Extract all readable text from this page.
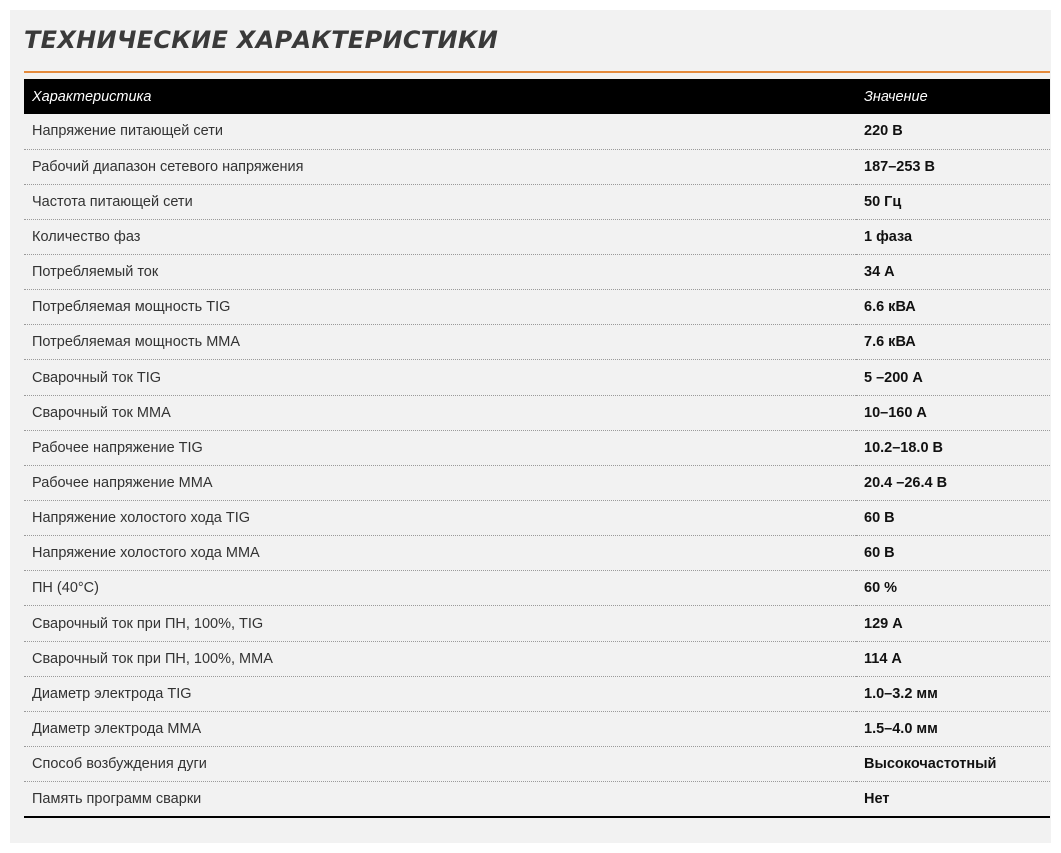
ТЕХНИЧЕСКИЕ ХАРАКТЕРИСТИКИ
Характеристика	Значение
Напряжение питающей сети	220 В
Рабочий диапазон сетевого напряжения	187–253 В
Частота питающей сети	50 Гц
Количество фаз	1 фаза
Потребляемый ток	34 А
Потребляемая мощность TIG	6.6 кВА
Потребляемая мощность MMA	7.6 кВА
Сварочный ток TIG	5 –200 А
Сварочный ток MMA	10–160 А
Рабочее напряжение TIG	10.2–18.0 В
Рабочее напряжение MMA	20.4 –26.4 В
Напряжение холостого хода TIG	60 В
Напряжение холостого хода MMA	60 В
ПН (40°C)	60 %
Сварочный ток при ПН, 100%, TIG	129 А
Сварочный ток при ПН, 100%, MMA	114 А
Диаметр электрода TIG	1.0–3.2 мм
Диаметр электрода MMA	1.5–4.0 мм
Способ возбуждения дуги	Высокочастотный
Память программ сварки	Нет
